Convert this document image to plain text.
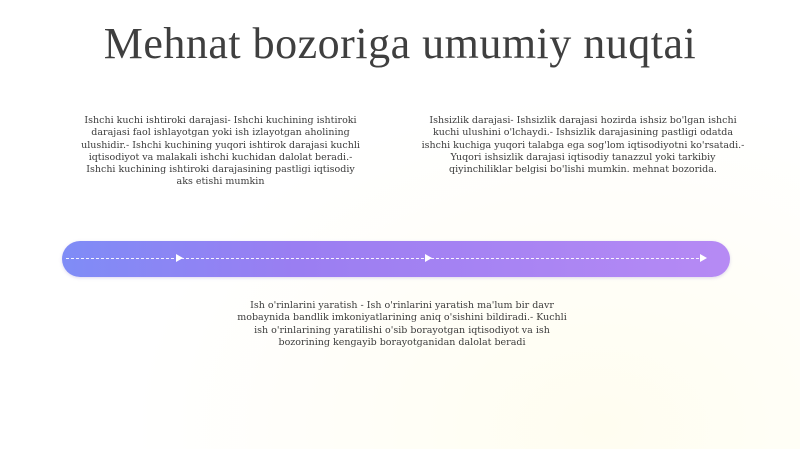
Mehnat bozoriga umumiy nuqtai
Ishchi kuchi ishtiroki darajasi- Ishchi kuchining ishtiroki darajasi faol ishlayotgan yoki ish izlayotgan aholining ulushidir.- Ishchi kuchining yuqori ishtirok darajasi kuchli iqtisodiyot va malakali ishchi kuchidan dalolat beradi.- Ishchi kuchining ishtiroki darajasining pastligi iqtisodiy aks etishi mumkin
Ishsizlik darajasi- Ishsizlik darajasi hozirda ishsiz bo'lgan ishchi kuchi ulushini o'lchaydi.- Ishsizlik darajasining pastligi odatda ishchi kuchiga yuqori talabga ega sog'lom iqtisodiyotni ko'rsatadi.- Yuqori ishsizlik darajasi iqtisodiy tanazzul yoki tarkibiy qiyinchiliklar belgisi bo'lishi mumkin. mehnat bozorida.
Ish o'rinlarini yaratish - Ish o'rinlarini yaratish ma'lum bir davr mobaynida bandlik imkoniyatlarining aniq o'sishini bildiradi.- Kuchli ish o'rinlarining yaratilishi o'sib borayotgan iqtisodiyot va ish bozorining kengayib borayotganidan dalolat beradi
